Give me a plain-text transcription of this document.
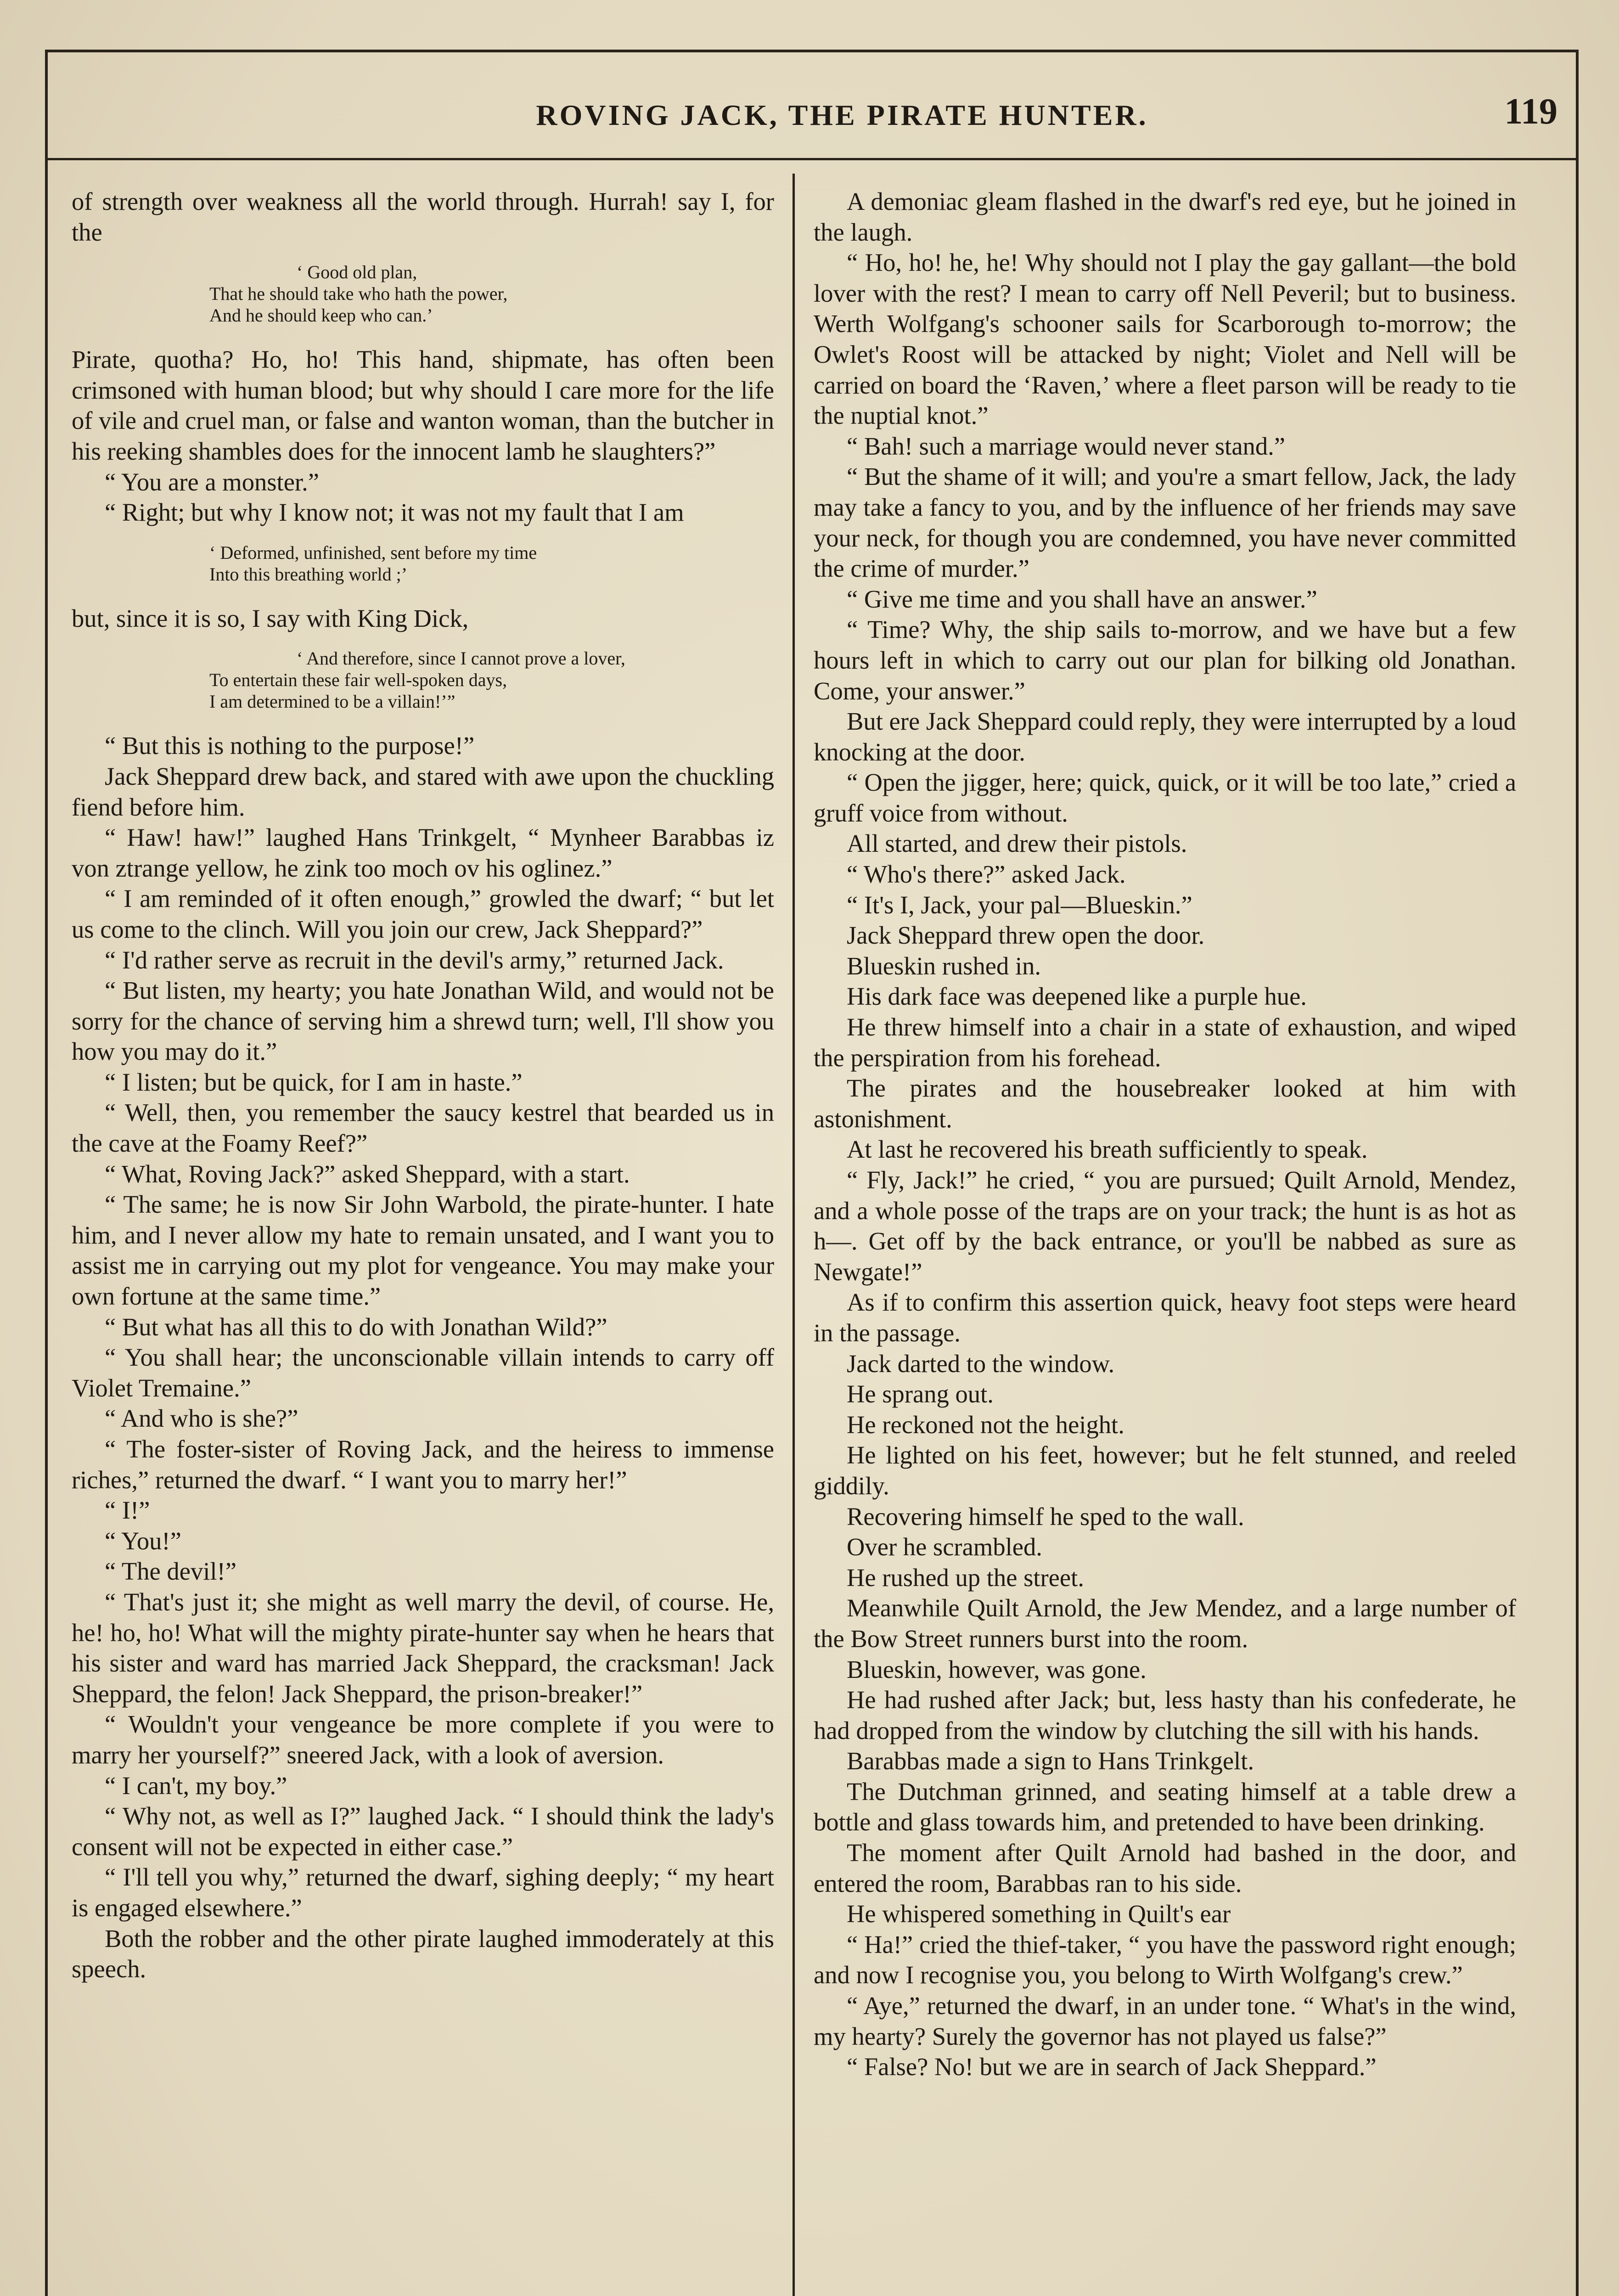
ROVING JACK, THE PIRATE HUNTER.	119

of strength over weakness all the world through. Hurrah! say I, for the

‘ Good old plan,
That he should take who hath the power,
And he should keep who can.’

Pirate, quotha? Ho, ho! This hand, shipmate, has often been crimsoned with human blood; but why should I care more for the life of vile and cruel man, or false and wanton woman, than the butcher in his reeking shambles does for the innocent lamb he slaughters?”

“ You are a monster.”

“ Right; but why I know not; it was not my fault that I am

‘ Deformed, unfinished, sent before my time
Into this breathing world ;’

but, since it is so, I say with King Dick,

‘ And therefore, since I cannot prove a lover,
To entertain these fair well-spoken days,
I am determined to be a villain!’”

“ But this is nothing to the purpose!”

Jack Sheppard drew back, and stared with awe upon the chuckling fiend before him.

“ Haw! haw!” laughed Hans Trinkgelt, “ Mynheer Barabbas iz von ztrange yellow, he zink too moch ov his oglinez.”

“ I am reminded of it often enough,” growled the dwarf; “ but let us come to the clinch. Will you join our crew, Jack Sheppard?”

“ I'd rather serve as recruit in the devil's army,” returned Jack.

“ But listen, my hearty; you hate Jonathan Wild, and would not be sorry for the chance of serving him a shrewd turn; well, I'll show you how you may do it.”

“ I listen; but be quick, for I am in haste.”

“ Well, then, you remember the saucy kestrel that bearded us in the cave at the Foamy Reef?”

“ What, Roving Jack?” asked Sheppard, with a start.

“ The same; he is now Sir John Warbold, the pirate-hunter. I hate him, and I never allow my hate to remain unsated, and I want you to assist me in carrying out my plot for vengeance. You may make your own fortune at the same time.”

“ But what has all this to do with Jonathan Wild?”

“ You shall hear; the unconscionable villain intends to carry off Violet Tremaine.”

“ And who is she?”

“ The foster-sister of Roving Jack, and the heiress to immense riches,” returned the dwarf. “ I want you to marry her!”

“ I!”

“ You!”

“ The devil!”

“ That's just it; she might as well marry the devil, of course. He, he! ho, ho! What will the mighty pirate-hunter say when he hears that his sister and ward has married Jack Sheppard, the cracksman! Jack Sheppard, the felon! Jack Sheppard, the prison-breaker!”

“ Wouldn't your vengeance be more complete if you were to marry her yourself?” sneered Jack, with a look of aversion.

“ I can't, my boy.”

“ Why not, as well as I?” laughed Jack. “ I should think the lady's consent will not be expected in either case.”

“ I'll tell you why,” returned the dwarf, sighing deeply; “ my heart is engaged elsewhere.”

Both the robber and the other pirate laughed immoderately at this speech.

A demoniac gleam flashed in the dwarf's red eye, but he joined in the laugh.

“ Ho, ho! he, he! Why should not I play the gay gallant—the bold lover with the rest? I mean to carry off Nell Peveril; but to business. Werth Wolfgang's schooner sails for Scarborough to-morrow; the Owlet's Roost will be attacked by night; Violet and Nell will be carried on board the ‘Raven,’ where a fleet parson will be ready to tie the nuptial knot.”

“ Bah! such a marriage would never stand.”

“ But the shame of it will; and you're a smart fellow, Jack, the lady may take a fancy to you, and by the influence of her friends may save your neck, for though you are condemned, you have never committed the crime of murder.”

“ Give me time and you shall have an answer.”

“ Time? Why, the ship sails to-morrow, and we have but a few hours left in which to carry out our plan for bilking old Jonathan. Come, your answer.”

But ere Jack Sheppard could reply, they were interrupted by a loud knocking at the door.

“ Open the jigger, here; quick, quick, or it will be too late,” cried a gruff voice from without.

All started, and drew their pistols.

“ Who's there?” asked Jack.

“ It's I, Jack, your pal—Blueskin.”

Jack Sheppard threw open the door.

Blueskin rushed in.

His dark face was deepened like a purple hue.

He threw himself into a chair in a state of exhaustion, and wiped the perspiration from his forehead.

The pirates and the housebreaker looked at him with astonishment.

At last he recovered his breath sufficiently to speak.

“ Fly, Jack!” he cried, “ you are pursued; Quilt Arnold, Mendez, and a whole posse of the traps are on your track; the hunt is as hot as h—. Get off by the back entrance, or you'll be nabbed as sure as Newgate!”

As if to confirm this assertion quick, heavy foot steps were heard in the passage.

Jack darted to the window.

He sprang out.

He reckoned not the height.

He lighted on his feet, however; but he felt stunned, and reeled giddily.

Recovering himself he sped to the wall.

Over he scrambled.

He rushed up the street.

Meanwhile Quilt Arnold, the Jew Mendez, and a large number of the Bow Street runners burst into the room.

Blueskin, however, was gone.

He had rushed after Jack; but, less hasty than his confederate, he had dropped from the window by clutching the sill with his hands.

Barabbas made a sign to Hans Trinkgelt.

The Dutchman grinned, and seating himself at a table drew a bottle and glass towards him, and pretended to have been drinking.

The moment after Quilt Arnold had bashed in the door, and entered the room, Barabbas ran to his side.

He whispered something in Quilt's ear

“ Ha!” cried the thief-taker, “ you have the password right enough; and now I recognise you, you belong to Wirth Wolfgang's crew.”

“ Aye,” returned the dwarf, in an under tone. “ What's in the wind, my hearty? Surely the governor has not played us false?”

“ False? No! but we are in search of Jack Sheppard.”
